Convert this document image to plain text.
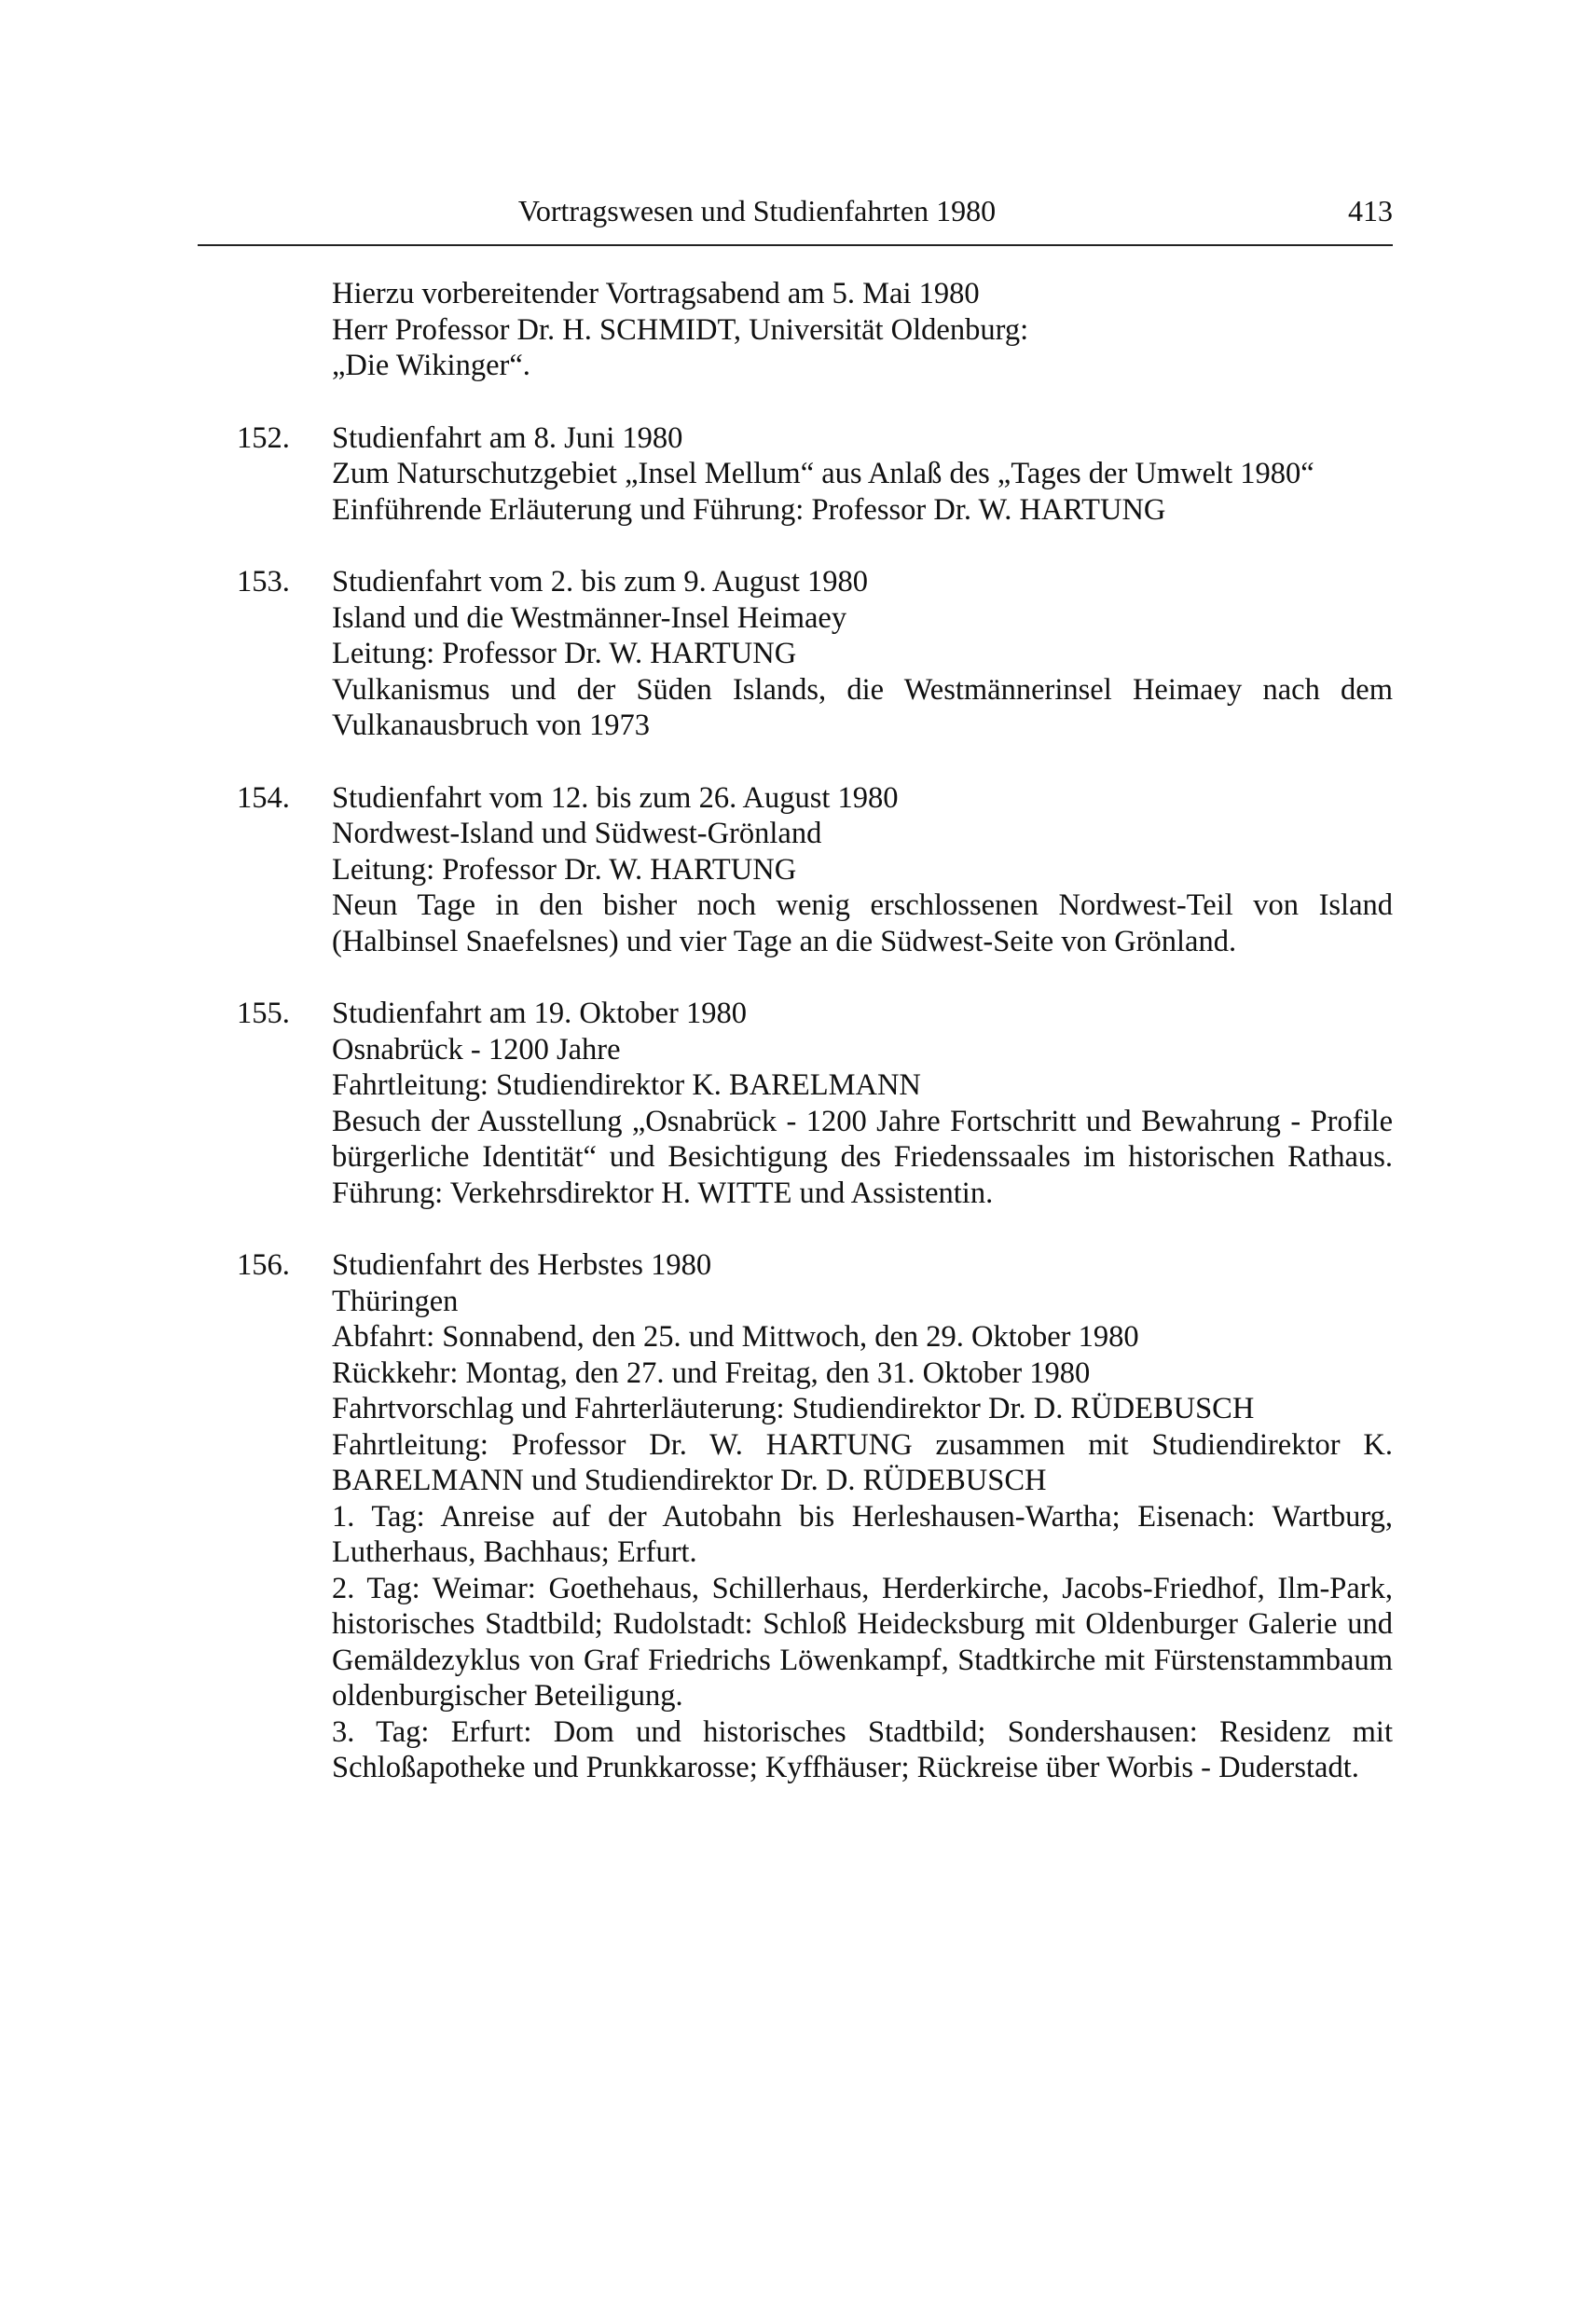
Vortragswesen und Studienfahrten 1980	413
Hierzu vorbereitender Vortragsabend am 5. Mai 1980
Herr Professor Dr. H. SCHMIDT, Universität Oldenburg:
„Die Wikinger“.
152. Studienfahrt am 8. Juni 1980
Zum Naturschutzgebiet „Insel Mellum“ aus Anlaß des „Tages der Umwelt 1980“
Einführende Erläuterung und Führung: Professor Dr. W. HARTUNG
153. Studienfahrt vom 2. bis zum 9. August 1980
Island und die Westmänner-Insel Heimaey
Leitung: Professor Dr. W. HARTUNG
Vulkanismus und der Süden Islands, die Westmännerinsel Heimaey nach dem Vulkanausbruch von 1973
154. Studienfahrt vom 12. bis zum 26. August 1980
Nordwest-Island und Südwest-Grönland
Leitung: Professor Dr. W. HARTUNG
Neun Tage in den bisher noch wenig erschlossenen Nordwest-Teil von Island (Halbinsel Snaefelsnes) und vier Tage an die Südwest-Seite von Grönland.
155. Studienfahrt am 19. Oktober 1980
Osnabrück - 1200 Jahre
Fahrtleitung: Studiendirektor K. BARELMANN
Besuch der Ausstellung „Osnabrück - 1200 Jahre Fortschritt und Bewahrung - Profile bürgerliche Identität“ und Besichtigung des Friedenssaales im historischen Rathaus. Führung: Verkehrsdirektor H. WITTE und Assistentin.
156. Studienfahrt des Herbstes 1980
Thüringen
Abfahrt: Sonnabend, den 25. und Mittwoch, den 29. Oktober 1980
Rückkehr: Montag, den 27. und Freitag, den 31. Oktober 1980
Fahrtvorschlag und Fahrterläuterung: Studiendirektor Dr. D. RÜDEBUSCH
Fahrtleitung: Professor Dr. W. HARTUNG zusammen mit Studiendirektor K. BARELMANN und Studiendirektor Dr. D. RÜDEBUSCH
1. Tag: Anreise auf der Autobahn bis Herleshausen-Wartha; Eisenach: Wartburg, Lutherhaus, Bachhaus; Erfurt.
2. Tag: Weimar: Goethehaus, Schillerhaus, Herderkirche, Jacobs-Friedhof, Ilm-Park, historisches Stadtbild; Rudolstadt: Schloß Heidecksburg mit Oldenburger Galerie und Gemäldezyklus von Graf Friedrichs Löwenkampf, Stadtkirche mit Fürstenstammbaum oldenburgischer Beteiligung.
3. Tag: Erfurt: Dom und historisches Stadtbild; Sondershausen: Residenz mit Schloßapotheke und Prunkkarosse; Kyffhäuser; Rückreise über Worbis - Duderstadt.
